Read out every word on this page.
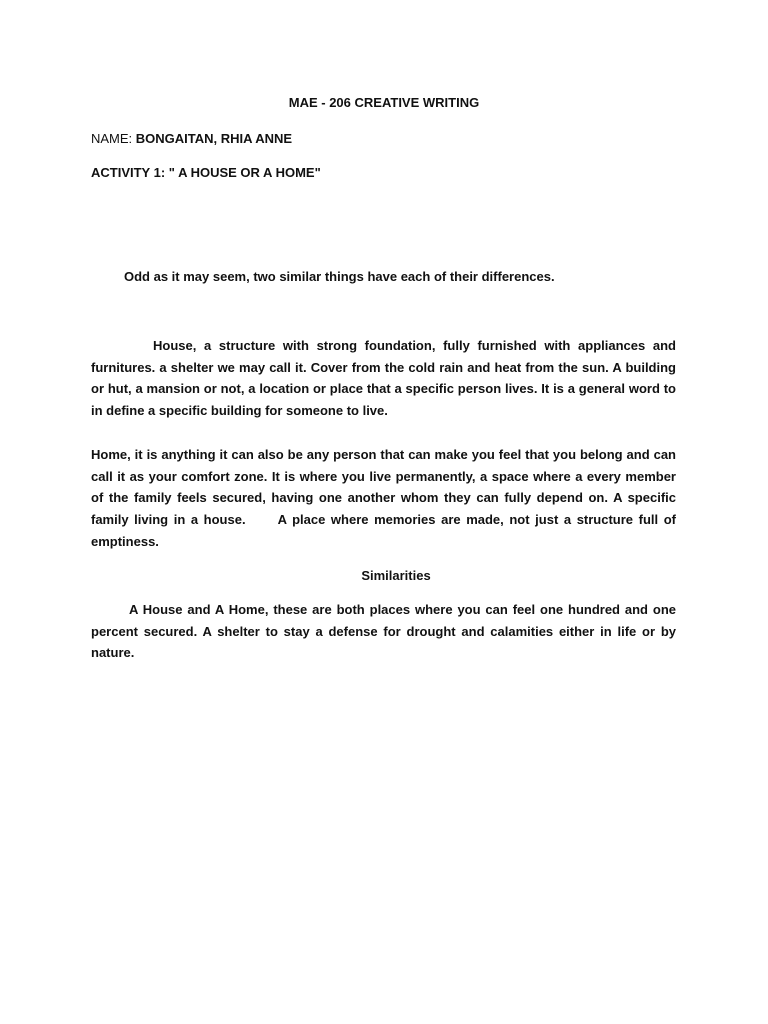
MAE - 206 CREATIVE WRITING
NAME: BONGAITAN, RHIA ANNE
ACTIVITY 1: " A HOUSE OR A HOME"
Odd as it may seem, two similar things have each of their differences.

House, a structure with strong foundation, fully furnished with appliances and furnitures. a shelter we may call it. Cover from the cold rain and heat from the sun. A building or hut, a mansion or not, a location or place that a specific person lives. It is a general word to in define a specific building for someone to live.

Home, it is anything it can also be any person that can make you feel that you belong and can call it as your comfort zone. It is where you live permanently, a space where a every member of the family feels secured, having one another whom they can fully depend on. A specific family living in a house. A place where memories are made, not just a structure full of emptiness.

Similarities

A House and A Home, these are both places where you can feel one hundred and one percent secured. A shelter to stay a defense for drought and calamities either in life or by nature.
